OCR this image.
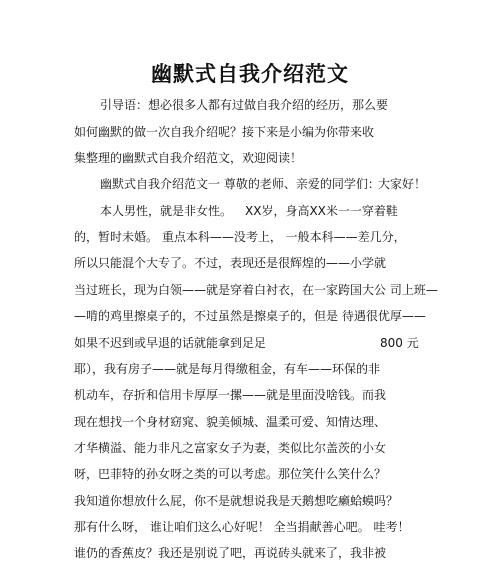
幽默式自我介绍范文
引导语：想必很多人都有过做自我介绍的经历，那么要
如何幽默的做一次自我介绍呢？接下来是小编为你带来收
集整理的幽默式自我介绍范文，欢迎阅读！
幽默式自我介绍范文一 尊敬的老师、亲爱的同学们：
大家好！
本人男性，就是非女性。 XX岁，身高XX米一一穿着鞋
的，暂时未婚。 重点本科——没考上， 一般本科——差几分，
所以只能混个大专了。不过，表现还是很辉煌的——小学就
当过班长，现为白领——就是穿着白衬衣，在一家跨国大公 司上班—
—啃的鸡里擦桌子的，不过虽然是擦桌子的，但是 待遇很优厚——
如果不迟到或早退的话就能拿到足足	800 元
耶），我有房子——就是每月得缴租金，有车——环保的非
机动车，存折和信用卡厚厚一摞——就是里面没啥钱。而我
现在想找一个身材窈窕、貌美倾城、温柔可爱、知情达理、
才华横溢、能力非凡之富家女子为妻，类似比尔盖茨的小女
呀，巴菲特的孙女呀之类的可以考虑。那位笑什么笑什么？
我知道你想放什么屁，你不是就想说我是天鹅想吃癞蛤蟆吗？
那有什么呀， 谁让咱们这么心好呢！ 全当捐献善心吧。 哇考！
谁仍的香蕉皮？我还是别说了吧，再说砖头就来了，我非被
